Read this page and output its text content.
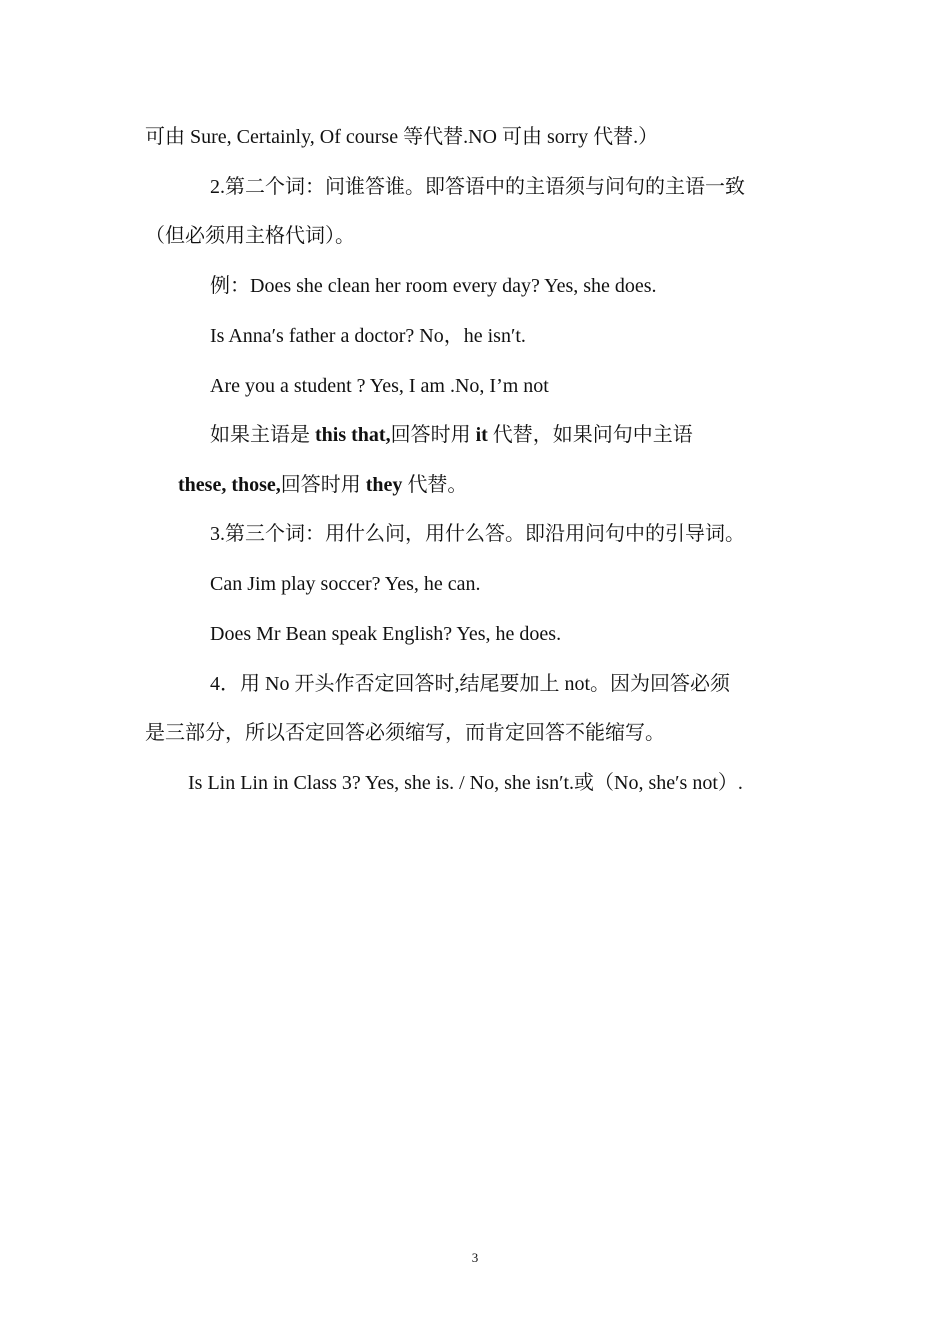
可由 Sure, Certainly, Of course 等代替.NO 可由 sorry 代替.）
2.第二个词：问谁答谁。即答语中的主语须与问句的主语一致
（但必须用主格代词）。
例：Does she clean her room every day? Yes, she does.
Is Anna′s father a doctor? No，he isn′t.
Are you a student ? Yes, I am .No, I’m not
如果主语是 this that,回答时用 it 代替，如果问句中主语
these, those,回答时用 they 代替。
3.第三个词：用什么问，用什么答。即沿用问句中的引导词。
Can Jim play soccer? Yes, he can.
Does Mr Bean speak English? Yes, he does.
4．用 No 开头作否定回答时,结尾要加上 not。因为回答必须
是三部分，所以否定回答必须缩写，而肯定回答不能缩写。
Is Lin Lin in Class 3? Yes, she is. / No, she isn′t.或（No, she′s not）.
3
